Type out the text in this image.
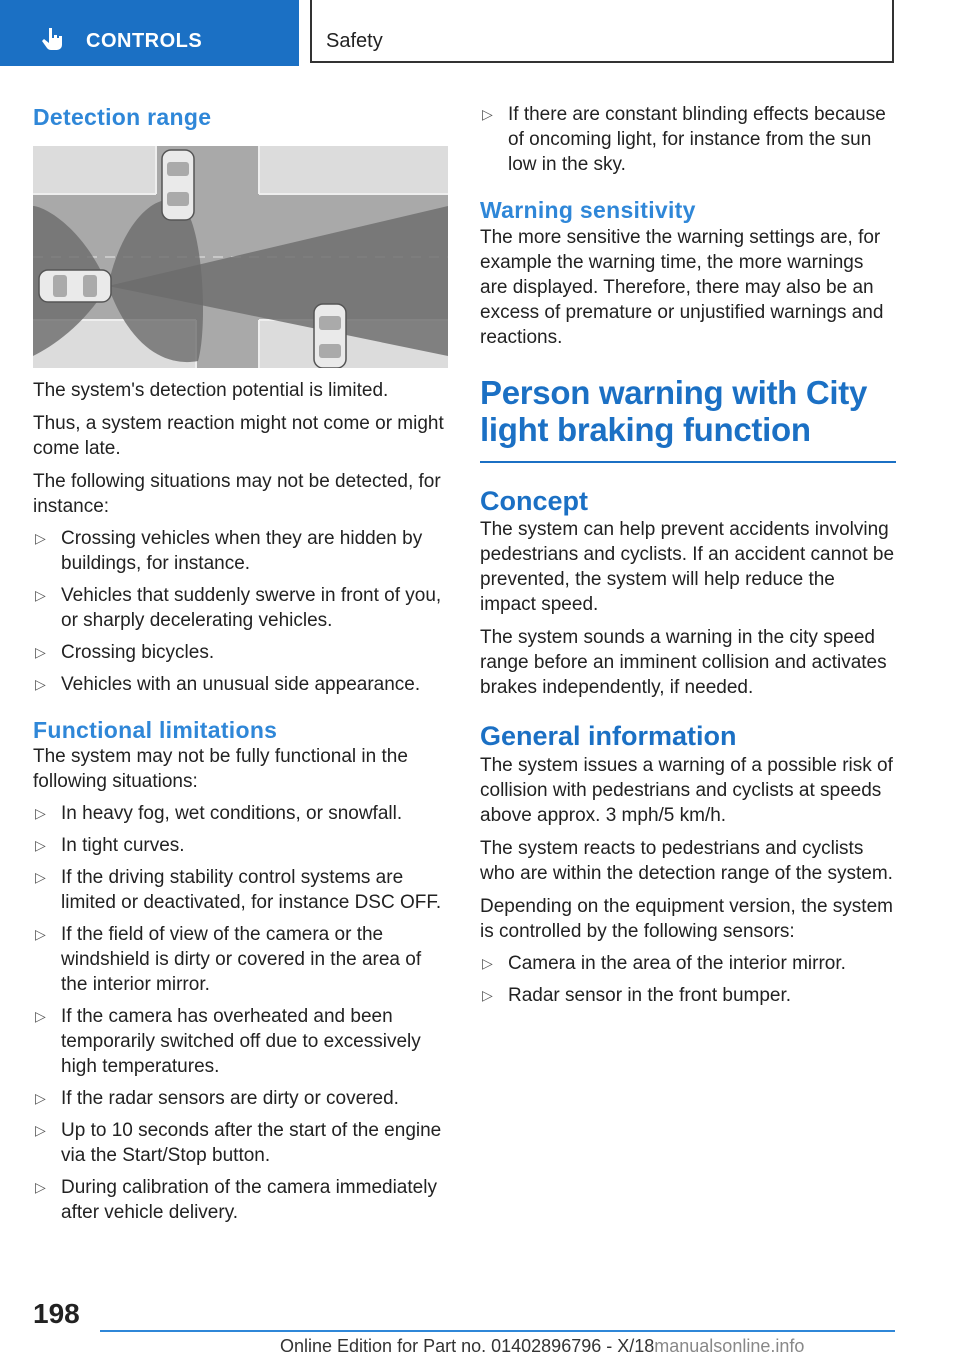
CONTROLS	Safety
Detection range

The system's detection potential is limited.

Thus, a system reaction might not come or might come late.

The following situations may not be detected, for instance:

▷ Crossing vehicles when they are hidden by buildings, for instance.
▷ Vehicles that suddenly swerve in front of you, or sharply decelerating vehicles.
▷ Crossing bicycles.
▷ Vehicles with an unusual side appearance.
Functional limitations

The system may not be fully functional in the following situations:

▷ In heavy fog, wet conditions, or snowfall.
▷ In tight curves.
▷ If the driving stability control systems are limited or deactivated, for instance DSC OFF.
▷ If the field of view of the camera or the windshield is dirty or covered in the area of the interior mirror.
▷ If the camera has overheated and been temporarily switched off due to excessively high temperatures.
▷ If the radar sensors are dirty or covered.
▷ Up to 10 seconds after the start of the engine via the Start/Stop button.
▷ During calibration of the camera immediately after vehicle delivery.
▷ If there are constant blinding effects because of oncoming light, for instance from the sun low in the sky.
Warning sensitivity

The more sensitive the warning settings are, for example the warning time, the more warnings are displayed. Therefore, there may also be an excess of premature or unjustified warnings and reactions.

Person warning with City light braking function
Concept

The system can help prevent accidents involving pedestrians and cyclists. If an accident cannot be prevented, the system will help reduce the impact speed.

The system sounds a warning in the city speed range before an imminent collision and activates brakes independently, if needed.

General information

The system issues a warning of a possible risk of collision with pedestrians and cyclists at speeds above approx. 3 mph/5 km/h.

The system reacts to pedestrians and cyclists who are within the detection range of the system.

Depending on the equipment version, the system is controlled by the following sensors:

▷ Camera in the area of the interior mirror.
▷ Radar sensor in the front bumper.
198
Online Edition for Part no. 01402896796 - X/18manualsonline.info
